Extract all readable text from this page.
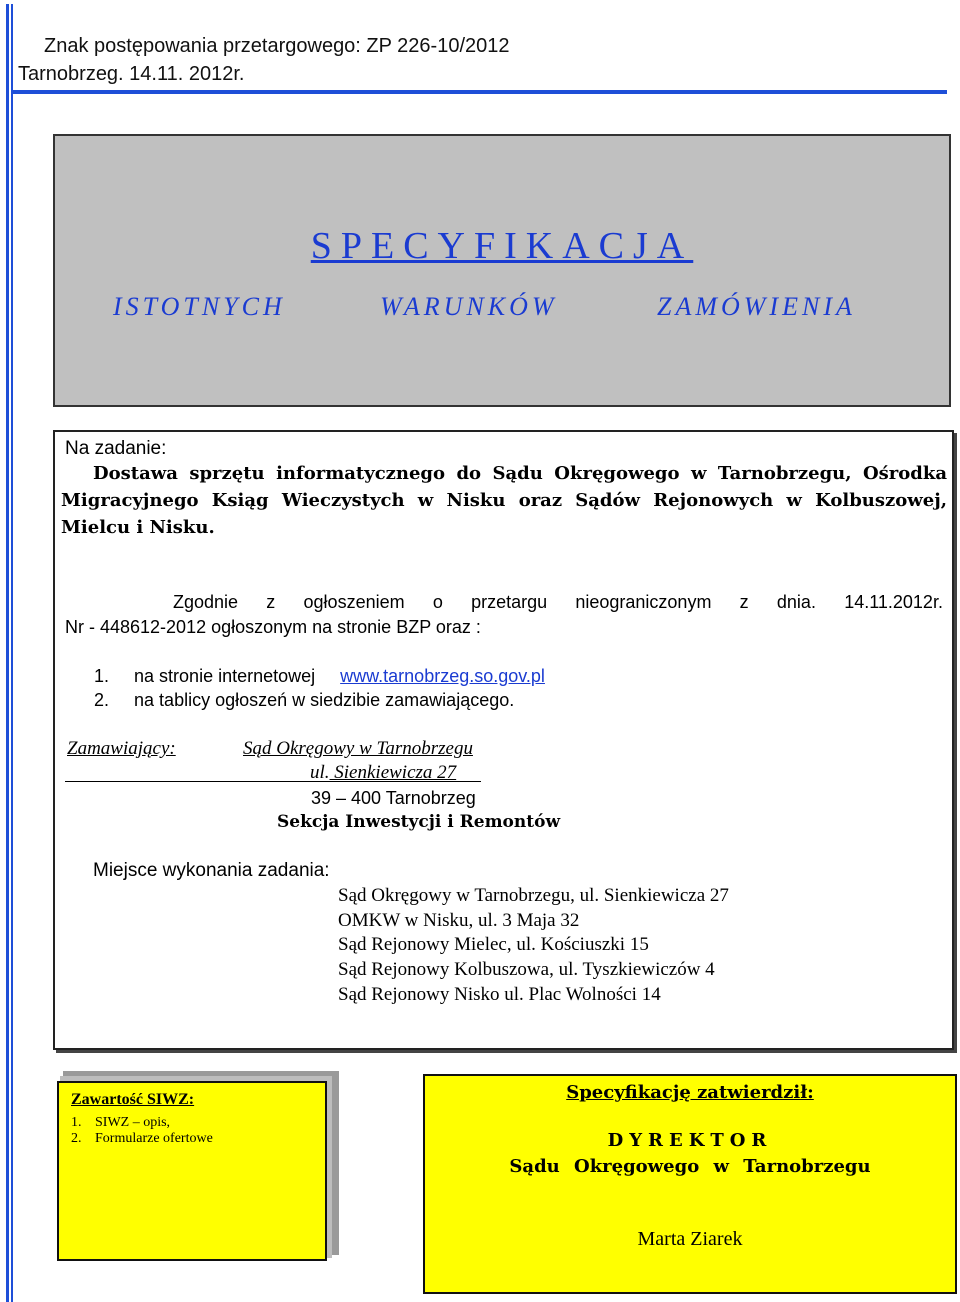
Znak postępowania przetargowego: ZP 226-10/2012
Tarnobrzeg. 14.11. 2012r.
SPECYFIKACJA
ISTOTNYCH	WARUNKÓW	ZAMÓWIENIA
Na zadanie:
Dostawa sprzętu informatycznego do Sądu Okręgowego w Tarnobrzegu, Ośrodka
Migracyjnego Ksiąg Wieczystych w Nisku oraz Sądów Rejonowych w Kolbuszowej,
Mielcu i Nisku.
Zgodnie z ogłoszeniem o przetargu nieograniczonym z dnia. 14.11.2012r.
Nr - 448612-2012 ogłoszonym na stronie BZP oraz :
1. na stronie internetowej www.tarnobrzeg.so.gov.pl
2. na tablicy ogłoszeń w siedzibie zamawiającego.
Zamawiający:	Sąd Okręgowy w Tarnobrzegu
ul. Sienkiewicza 27
39 – 400 Tarnobrzeg
Sekcja Inwestycji i Remontów
Miejsce wykonania zadania:
Sąd Okręgowy w Tarnobrzegu, ul. Sienkiewicza 27
OMKW w Nisku, ul. 3 Maja 32
Sąd Rejonowy Mielec, ul. Kościuszki 15
Sąd Rejonowy Kolbuszowa, ul. Tyszkiewiczów 4
Sąd Rejonowy Nisko ul. Plac Wolności 14
Zawartość SIWZ:
1. SIWZ – opis,
2. Formularze ofertowe
Specyfikację zatwierdził:
DYREKTOR
Sądu Okręgowego w Tarnobrzegu
Marta Ziarek
